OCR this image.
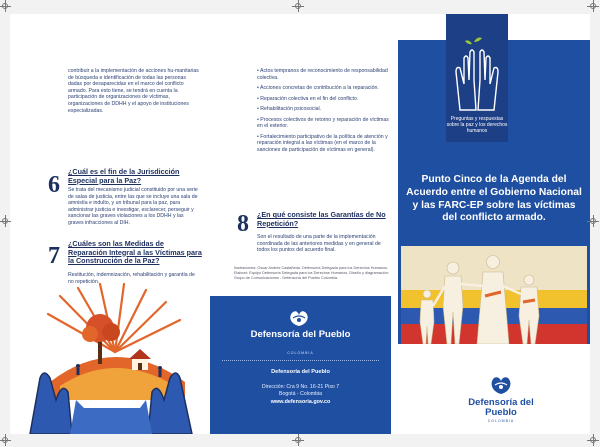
contribuir a la implementación de acciones hu-manitarias de búsqueda e identificación de todas las personas dadas por desaparecidas en el marco del conflicto armado. Para esto tiene, se tendrá en cuenta la participación de organizaciones de víctimas, organizaciones de DDHH y el apoyo de instituciones especializadas.

6
¿Cuál es el fin de la Jurisdicción Especial para la Paz?

Se trata del mecanismo judicial constituido por una serie de salas de justicia, entre las que se incluye una sala de amnistía e indulto, y un tribunal para la paz, para administrar justicia e investigar, esclarecer, perseguir y sancionar las graves violaciones a los DDHH y las graves infracciones al DIH.

7 ¿Cuáles son las Medidas de Reparación Integral a las Víctimas para la Construcción de la Paz?

Restitución, indemnización, rehabilitación y garantía de no repetición.

• Actos tempranos de reconocimiento de responsabilidad colectiva.
• Acciones concretas de contribución a la reparación.
• Reparación colectiva en el fin del conflicto.
• Rehabilitación psicosocial.
• Procesos colectivos de retorno y reparación de víctimas en el exterior.
• Fortalecimiento participativo de la política de atención y reparación integral a las víctimas (en el marco de la sanciones de participación de víctimas en general).
8 ¿En qué consiste las Garantías de No Repetición?

Son el resultado de una parte de la implementación coordinada de las anteriores medidas y en general de todos los puntos del acuerdo final.

Ilustraciones: Oscar Andrés Castañeda. Defensoría Delegada para los Derechos Humanos. Elaboró: Equipo Defensoría Delegada para los Derechos Humanos. Diseño y diagramación: Grupo de Comunicaciones - Defensoría del Pueblo Colombia.

Defensoría del Pueblo
COLOMBIA
Defensoría del Pueblo
Dirección: Cra 9 No. 16-21 Piso 7
Bogotá - Colombia
www.defensoria.gov.co
Preguntas y respuestas sobre la paz y los derechos humanos
Punto Cinco de la Agenda del Acuerdo entre el Gobierno Nacional y las FARC-EP sobre las víctimas del conflicto armado.
Defensoría del Pueblo
COLOMBIA
